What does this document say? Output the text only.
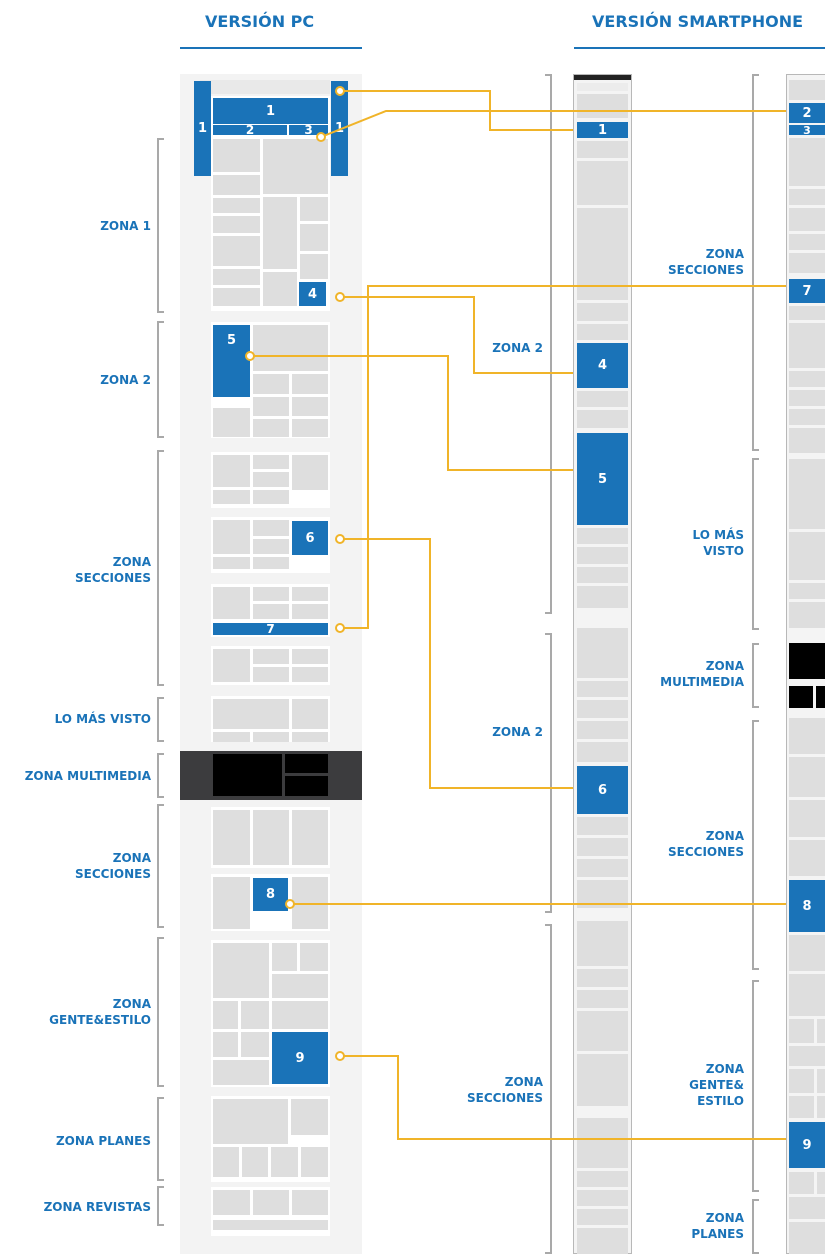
VERSIÓN PC	VERSIÓN SMARTPHONE
ZONA 1
ZONA 2
ZONA
SECCIONES
LO MÁS VISTO
ZONA MULTIMEDIA
ZONA
SECCIONES
ZONA
GENTE&ESTILO
ZONA PLANES
ZONA REVISTAS
1	1
1
2	3
4
5
6
7
8
9
ZONA 2
ZONA 2
ZONA
SECCIONES
1
4
5
6
ZONA
SECCIONES
LO MÁS
VISTO
ZONA
MULTIMEDIA
ZONA
SECCIONES
ZONA
GENTE&
ESTILO
ZONA
PLANES
2
3
7
8
9
